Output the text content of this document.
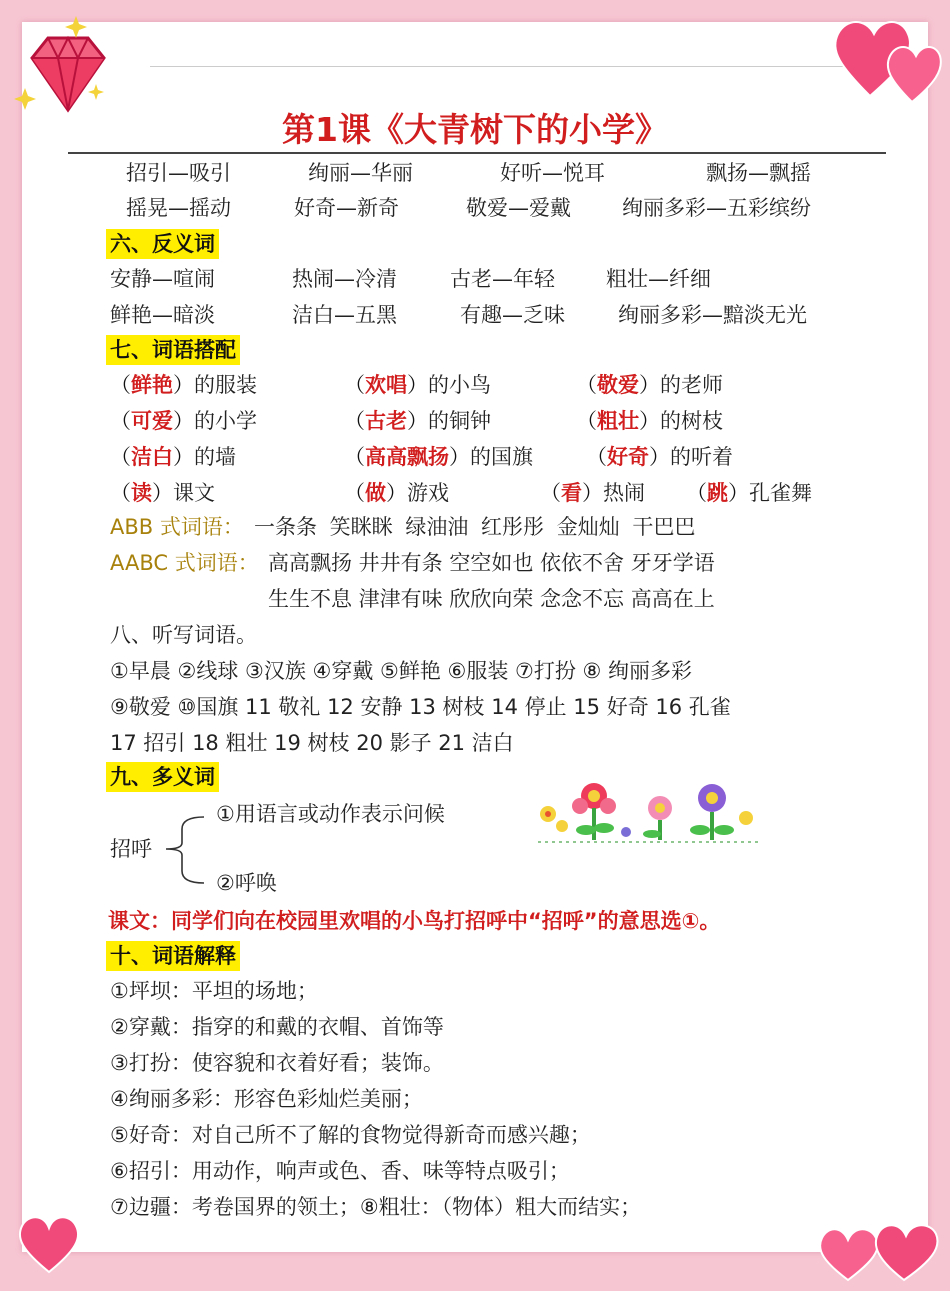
第1课《大青树下的小学》
招引—吸引	绚丽—华丽	好听—悦耳	飘扬—飘摇
摇晃—摇动	好奇—新奇	敬爱—爱戴 绚丽多彩—五彩缤纷
六、反义词
安静—喧闹	热闹—冷清	古老—年轻 粗壮—纤细
鲜艳—暗淡	洁白—五黑	有趣—乏味	绚丽多彩—黯淡无光
七、词语搭配
（鲜艳）的服装	（欢唱）的小鸟	（敬爱）的老师
（可爱）的小学	（古老）的铜钟	（粗壮）的树枝
（洁白）的墙	（高高飘扬）的国旗	（好奇）的听着
（读）课文	（做）游戏	（看）热闹 （跳）孔雀舞
ABB 式词语： 一条条 笑眯眯 绿油油 红彤彤 金灿灿 干巴巴
AABC 式词语： 高高飘扬 井井有条 空空如也 依依不舍 牙牙学语
生生不息 津津有味 欣欣向荣 念念不忘 高高在上
八、听写词语。
①早晨 ②线球 ③汉族 ④穿戴 ⑤鲜艳 ⑥服装 ⑦打扮 ⑧ 绚丽多彩
⑨敬爱 ⑩国旗 11 敬礼 12 安静 13 树枝 14 停止 15 好奇 16 孔雀
17 招引 18 粗壮 19 树枝 20 影子 21 洁白
九、多义词
①用语言或动作表示问候
招呼
②呼唤
课文：同学们向在校园里欢唱的小鸟打招呼中“招呼”的意思选①。
十、词语解释
①坪坝：平坦的场地；
②穿戴：指穿的和戴的衣帽、首饰等
③打扮：使容貌和衣着好看；装饰。
④绚丽多彩：形容色彩灿烂美丽；
⑤好奇：对自己所不了解的食物觉得新奇而感兴趣；
⑥招引：用动作，响声或色、香、味等特点吸引；
⑦边疆：考卷国界的领土；⑧粗壮：（物体）粗大而结实；
